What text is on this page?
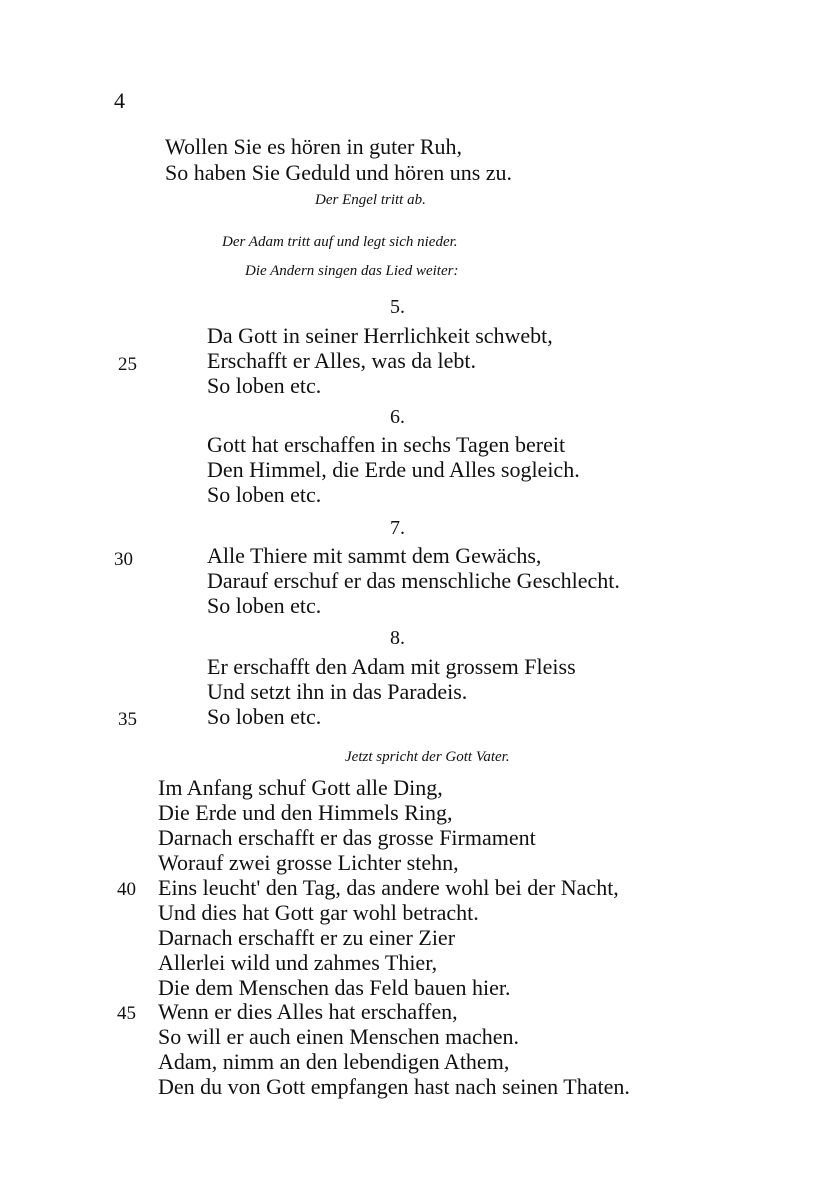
4
Wollen Sie es hören in guter Ruh,
So haben Sie Geduld und hören uns zu.
Der Engel tritt ab.
Der Adam tritt auf und legt sich nieder.
Die Andern singen das Lied weiter:
5.
Da Gott in seiner Herrlichkeit schwebt,
25	Erschafft er Alles, was da lebt.
So loben etc.
6.
Gott hat erschaffen in sechs Tagen bereit
Den Himmel, die Erde und Alles sogleich.
So loben etc.
7.
30	Alle Thiere mit sammt dem Gewächs,
Darauf erschuf er das menschliche Geschlecht.
So loben etc.
8.
Er erschafft den Adam mit grossem Fleiss
Und setzt ihn in das Paradeis.
35	So loben etc.
Jetzt spricht der Gott Vater.
Im Anfang schuf Gott alle Ding,
Die Erde und den Himmels Ring,
Darnach erschafft er das grosse Firmament
Worauf zwei grosse Lichter stehn,
40 Eins leucht' den Tag, das andere wohl bei der Nacht,
Und dies hat Gott gar wohl betracht.
Darnach erschafft er zu einer Zier
Allerlei wild und zahmes Thier,
Die dem Menschen das Feld bauen hier.
45 Wenn er dies Alles hat erschaffen,
So will er auch einen Menschen machen.
Adam, nimm an den lebendigen Athem,
Den du von Gott empfangen hast nach seinen Thaten.
